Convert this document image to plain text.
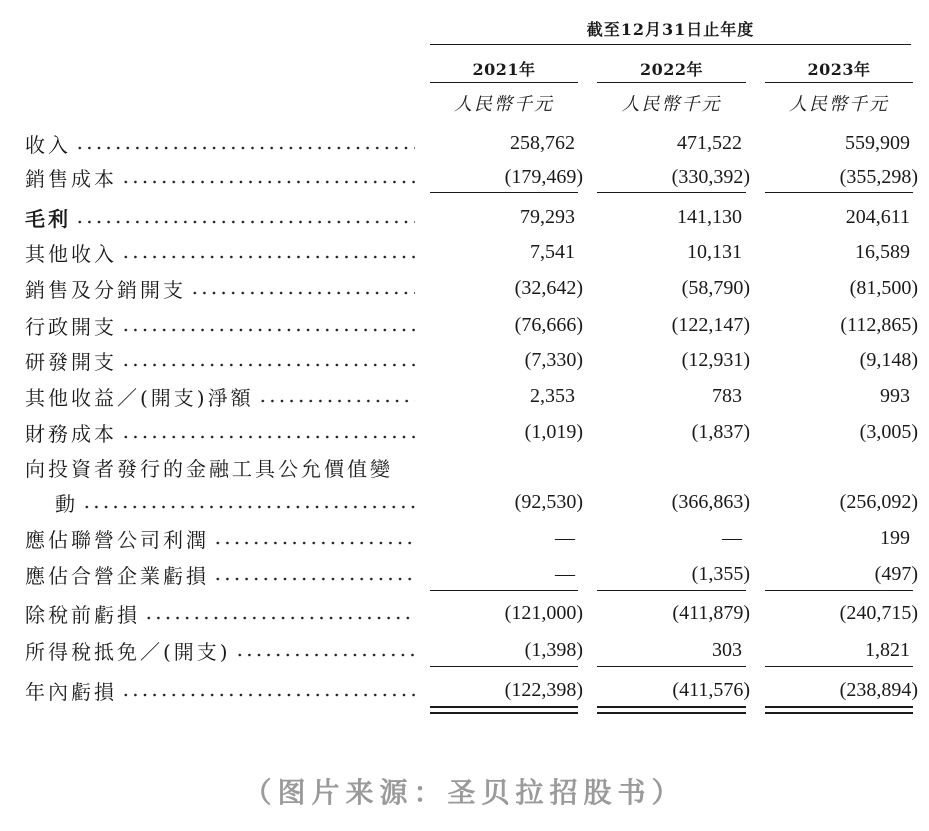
截至12月31日止年度
2021年	2022年	2023年
人民幣千元	人民幣千元	人民幣千元
收入	258,762	471,522	559,909
銷售成本	(179,469)	(330,392)	(355,298)
毛利	79,293	141,130	204,611
其他收入	7,541	10,131	16,589
銷售及分銷開支	(32,642)	(58,790)	(81,500)
行政開支	(76,666)	(122,147)	(112,865)
研發開支	(7,330)	(12,931)	(9,148)
其他收益／(開支)淨額	2,353	783	993
財務成本	(1,019)	(1,837)	(3,005)
向投資者發行的金融工具公允價值變
動	(92,530)	(366,863)	(256,092)
應佔聯營公司利潤	—	—	199
應佔合營企業虧損	—	(1,355)	(497)
除稅前虧損	(121,000)	(411,879)	(240,715)
所得稅抵免／(開支)	(1,398)	303	1,821
年內虧損	(122,398)	(411,576)	(238,894)
（图片来源：圣贝拉招股书）
